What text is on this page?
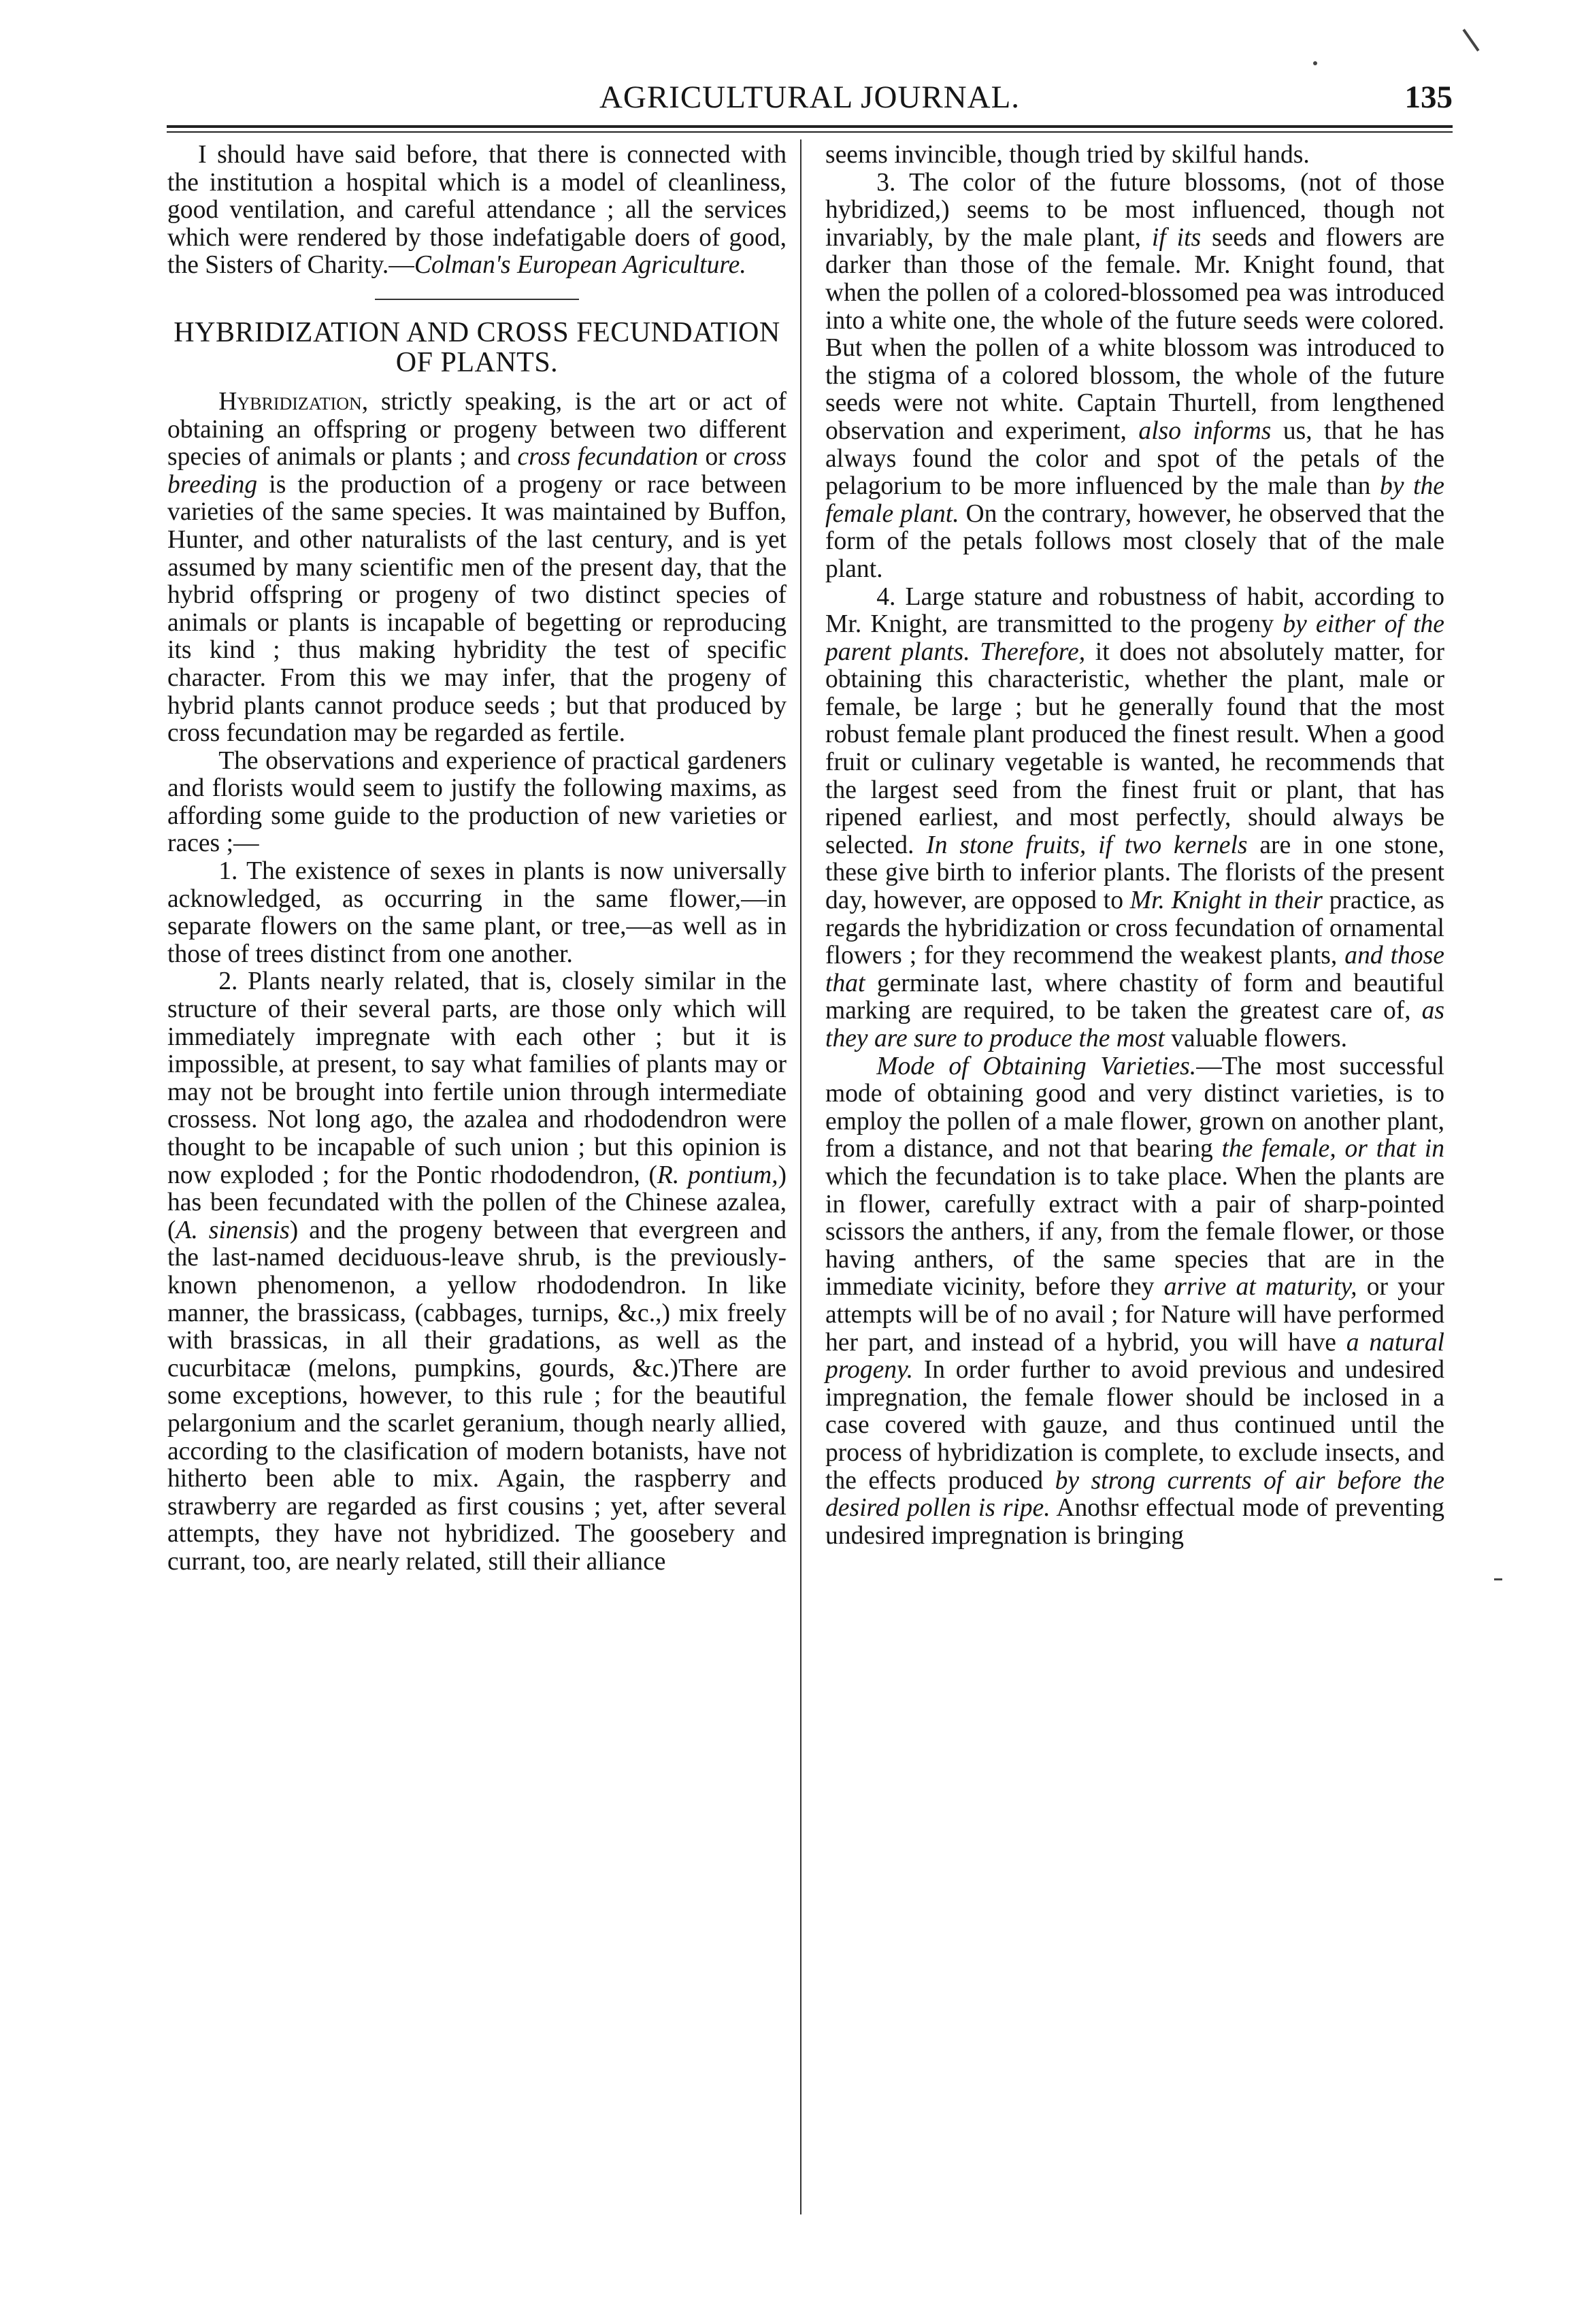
AGRICULTURAL JOURNAL.	135

I should have said before, that there is connected with the institution a hospital which is a model of cleanliness, good ventilation, and careful attendance ; all the services which were rendered by those indefatigable doers of good, the Sisters of Charity.—Colman's European Agriculture.

HYBRIDIZATION AND CROSS FECUNDATION OF PLANTS.

Hybridization, strictly speaking, is the art or act of obtaining an offspring or progeny between two different species of animals or plants ; and cross fecundation or cross breeding is the production of a progeny or race between varieties of the same species. It was maintained by Buffon, Hunter, and other naturalists of the last century, and is yet assumed by many scientific men of the present day, that the hybrid offspring or progeny of two distinct species of animals or plants is incapable of begetting or reproducing its kind ; thus making hybridity the test of specific character. From this we may infer, that the progeny of hybrid plants cannot produce seeds ; but that produced by cross fecundation may be regarded as fertile.

The observations and experience of practical gardeners and florists would seem to justify the following maxims, as affording some guide to the production of new varieties or races ;—

1. The existence of sexes in plants is now universally acknowledged, as occurring in the same flower,—in separate flowers on the same plant, or tree,—as well as in those of trees distinct from one another.

2. Plants nearly related, that is, closely similar in the structure of their several parts, are those only which will immediately impregnate with each other ; but it is impossible, at present, to say what families of plants may or may not be brought into fertile union through intermediate crossess. Not long ago, the azalea and rhododendron were thought to be incapable of such union ; but this opinion is now exploded ; for the Pontic rhododendron, (R. pontium,) has been fecundated with the pollen of the Chinese azalea, (A. sinensis) and the progeny between that evergreen and the last-named deciduous-leave shrub, is the previously-known phenomenon, a yellow rhododendron. In like manner, the brassicass, (cabbages, turnips, &c.,) mix freely with brassicas, in all their gradations, as well as the cucurbitacæ (melons, pumpkins, gourds, &c.)There are some exceptions, however, to this rule ; for the beautiful pelargonium and the scarlet geranium, though nearly allied, according to the clasification of modern botanists, have not hitherto been able to mix. Again, the raspberry and strawberry are regarded as first cousins ; yet, after several attempts, they have not hybridized. The goosebery and currant, too, are nearly related, still their alliance

seems invincible, though tried by skilful hands.

3. The color of the future blossoms, (not of those hybridized,) seems to be most influenced, though not invariably, by the male plant, if its seeds and flowers are darker than those of the female. Mr. Knight found, that when the pollen of a colored-blossomed pea was introduced into a white one, the whole of the future seeds were colored. But when the pollen of a white blossom was introduced to the stigma of a colored blossom, the whole of the future seeds were not white. Captain Thurtell, from lengthened observation and experiment, also informs us, that he has always found the color and spot of the petals of the pelagorium to be more influenced by the male than by the female plant. On the contrary, however, he observed that the form of the petals follows most closely that of the male plant.

4. Large stature and robustness of habit, according to Mr. Knight, are transmitted to the progeny by either of the parent plants. Therefore, it does not absolutely matter, for obtaining this characteristic, whether the plant, male or female, be large ; but he generally found that the most robust female plant produced the finest result. When a good fruit or culinary vegetable is wanted, he recommends that the largest seed from the finest fruit or plant, that has ripened earliest, and most perfectly, should always be selected. In stone fruits, if two kernels are in one stone, these give birth to inferior plants. The florists of the present day, however, are opposed to Mr. Knight in their practice, as regards the hybridization or cross fecundation of ornamental flowers ; for they recommend the weakest plants, and those that germinate last, where chastity of form and beautiful marking are required, to be taken the greatest care of, as they are sure to produce the most valuable flowers.

Mode of Obtaining Varieties.—The most successful mode of obtaining good and very distinct varieties, is to employ the pollen of a male flower, grown on another plant, from a distance, and not that bearing the female, or that in which the fecundation is to take place. When the plants are in flower, carefully extract with a pair of sharp-pointed scissors the anthers, if any, from the female flower, or those having anthers, of the same species that are in the immediate vicinity, before they arrive at maturity, or your attempts will be of no avail ; for Nature will have performed her part, and instead of a hybrid, you will have a natural progeny. In order further to avoid previous and undesired impregnation, the female flower should be inclosed in a case covered with gauze, and thus continued until the process of hybridization is complete, to exclude insects, and the effects produced by strong currents of air before the desired pollen is ripe. Anothsr effectual mode of preventing undesired impregnation is bringing
